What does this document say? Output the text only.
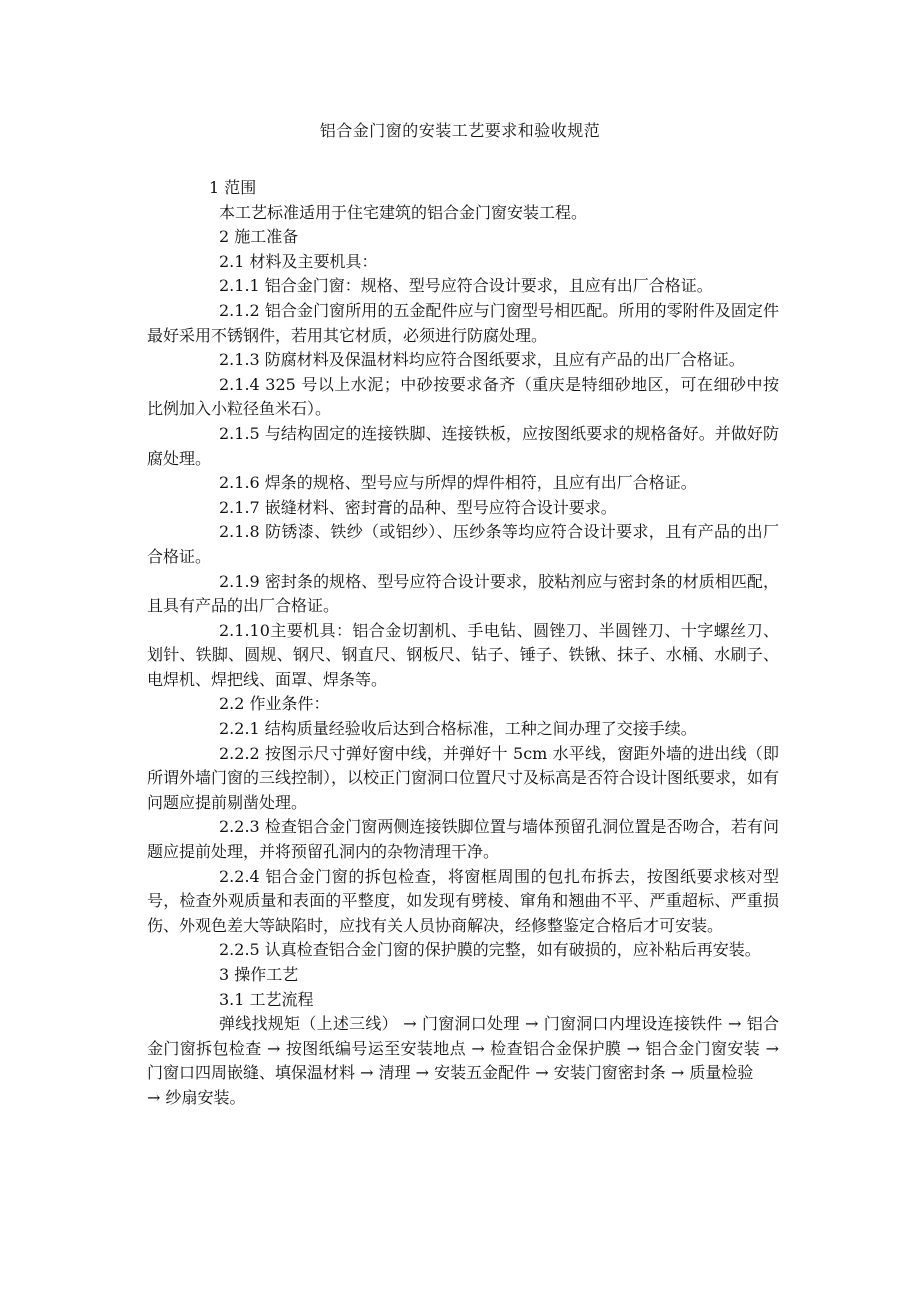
铝合金门窗的安装工艺要求和验收规范

1 范围

本工艺标准适用于住宅建筑的铝合金门窗安装工程。

2 施工准备

2.1 材料及主要机具：

2.1.1 铝合金门窗：规格、型号应符合设计要求，且应有出厂合格证。

2.1.2 铝合金门窗所用的五金配件应与门窗型号相匹配。所用的零附件及固定件最好采用不锈钢件，若用其它材质，必须进行防腐处理。

2.1.3 防腐材料及保温材料均应符合图纸要求，且应有产品的出厂合格证。

2.1.4 325 号以上水泥；中砂按要求备齐（重庆是特细砂地区，可在细砂中按比例加入小粒径鱼米石）。

2.1.5 与结构固定的连接铁脚、连接铁板，应按图纸要求的规格备好。并做好防腐处理。

2.1.6 焊条的规格、型号应与所焊的焊件相符，且应有出厂合格证。

2.1.7 嵌缝材料、密封膏的品种、型号应符合设计要求。

2.1.8 防锈漆、铁纱（或铝纱）、压纱条等均应符合设计要求，且有产品的出厂合格证。

2.1.9 密封条的规格、型号应符合设计要求，胶粘剂应与密封条的材质相匹配，且具有产品的出厂合格证。

2.1.10主要机具：铝合金切割机、手电钻、圆锉刀、半圆锉刀、十字螺丝刀、划针、铁脚、圆规、钢尺、钢直尺、钢板尺、钻子、锤子、铁锹、抹子、水桶、水刷子、电焊机、焊把线、面罩、焊条等。

2.2 作业条件：

2.2.1 结构质量经验收后达到合格标准，工种之间办理了交接手续。

2.2.2 按图示尺寸弹好窗中线，并弹好十 5cm 水平线，窗距外墙的进出线（即所谓外墙门窗的三线控制），以校正门窗洞口位置尺寸及标高是否符合设计图纸要求，如有问题应提前剔凿处理。

2.2.3 检查铝合金门窗两侧连接铁脚位置与墙体预留孔洞位置是否吻合，若有问题应提前处理，并将预留孔洞内的杂物清理干净。

2.2.4 铝合金门窗的拆包检查，将窗框周围的包扎布拆去，按图纸要求核对型号，检查外观质量和表面的平整度，如发现有劈棱、窜角和翘曲不平、严重超标、严重损伤、外观色差大等缺陷时，应找有关人员协商解决，经修整鉴定合格后才可安装。

2.2.5 认真检查铝合金门窗的保护膜的完整，如有破损的，应补粘后再安装。

3 操作工艺

3.1 工艺流程

弹线找规矩（上述三线） → 门窗洞口处理 → 门窗洞口内埋设连接铁件 → 铝合金门窗拆包检查 → 按图纸编号运至安装地点 → 检查铝合金保护膜 → 铝合金门窗安装 → 门窗口四周嵌缝、填保温材料 → 清理 → 安装五金配件 → 安装门窗密封条 → 质量检验

→ 纱扇安装。
